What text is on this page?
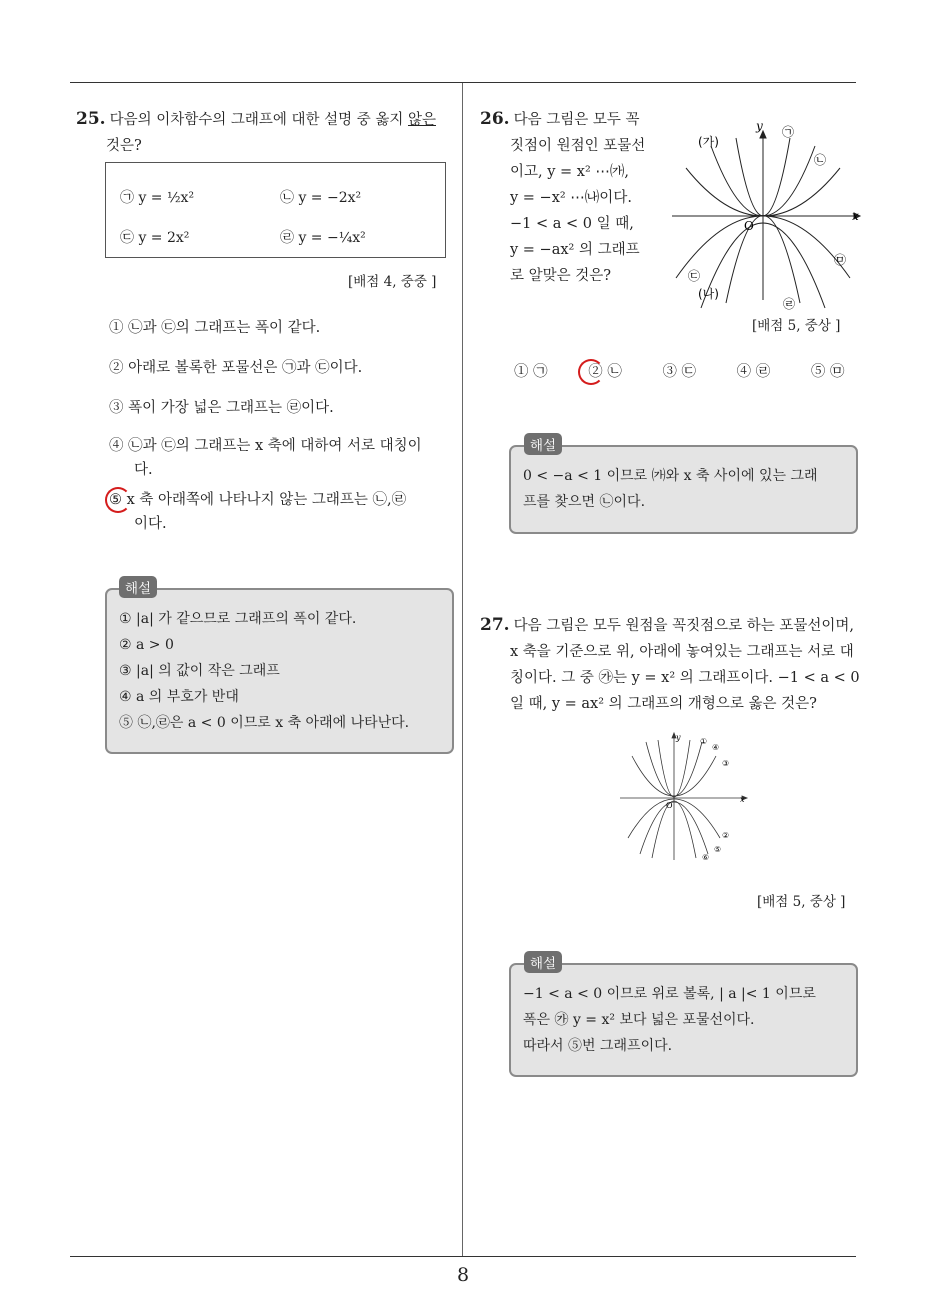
8
25. 다음의 이차함수의 그래프에 대한 설명 중 옳지 않은
것은?
㉠ y = ½x²	㉡ y = −2x²
㉢ y = 2x²	㉣ y = −¼x²
[배점 4, 중중 ]
① ㉡과 ㉢의 그래프는 폭이 같다.
② 아래로 볼록한 포물선은 ㉠과 ㉢이다.
③ 폭이 가장 넓은 그래프는 ㉣이다.
④ ㉡과 ㉢의 그래프는 x 축에 대하여 서로 대칭이
다.
⑤ x 축 아래쪽에 나타나지 않는 그래프는 ㉡,㉣
이다.
① |a| 가 같으므로 그래프의 폭이 같다.
② a > 0
③ |a| 의 값이 작은 그래프
④ a 의 부호가 반대
⑤ ㉡,㉣은 a < 0 이므로 x 축 아래에 나타난다.
해설
26. 다음 그림은 모두 꼭
짓점이 원점인 포물선
이고, y = x² ⋯㈎,
y = −x² ⋯㈏이다.
−1 < a < 0 일 때,
y = −ax² 의 그래프
로 알맞은 것은?
y
x
O
(가)
(나)
㉠
㉡
㉢
㉣
㉤
[배점 5, 중상 ]
① ㉠	② ㉡	③ ㉢	④ ㉣	⑤ ㉤
0 < −a < 1 이므로 ㈎와 x 축 사이에 있는 그래
프를 찾으면 ㉡이다.
해설
27. 다음 그림은 모두 원점을 꼭짓점으로 하는 포물선이며,
x 축을 기준으로 위, 아래에 놓여있는 그래프는 서로 대
칭이다. 그 중 ㉮는 y = x² 의 그래프이다. −1 < a < 0
일 때, y = ax² 의 그래프의 개형으로 옳은 것은?
y
x
O
①
④
③
②
⑤
⑥
[배점 5, 중상 ]
−1 < a < 0 이므로 위로 볼록, | a |< 1 이므로
폭은 ㉮ y = x² 보다 넓은 포물선이다.
따라서 ⑤번 그래프이다.
해설
